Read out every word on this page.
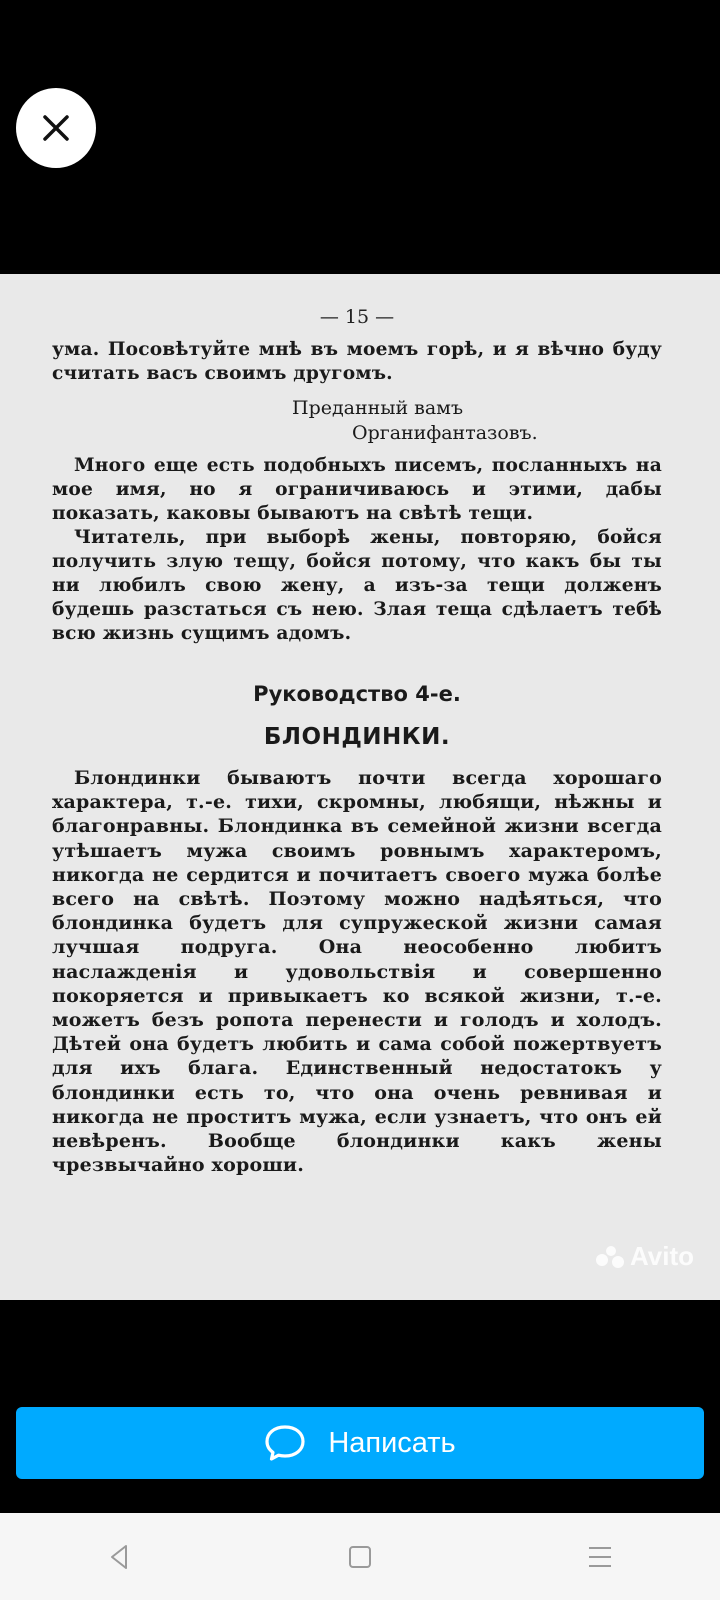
— 15 —

ума. Посовѣтуйте мнѣ въ моемъ горѣ, и я вѣчно буду считать васъ своимъ другомъ.

Преданный вамъ
Органифантазовъ.

Много еще есть подобныхъ писемъ, посланныхъ на мое имя, но я ограничиваюсь и этими, дабы показать, каковы бываютъ на свѣтѣ тещи.

Читатель, при выборѣ жены, повторяю, бойся получить злую тещу, бойся потому, что какъ бы ты ни любилъ свою жену, а изъ-за тещи долженъ будешь разстаться съ нею. Злая теща сдѣлаетъ тебѣ всю жизнь сущимъ адомъ.

Руководство 4-е.
БЛОНДИНКИ.

Блондинки бываютъ почти всегда хорошаго характера, т.-е. тихи, скромны, любящи, нѣжны и благонравны. Блондинка въ семейной жизни всегда утѣшаетъ мужа своимъ ровнымъ характеромъ, никогда не сердится и почитаетъ своего мужа болѣе всего на свѣтѣ. Поэтому можно надѣяться, что блондинка будетъ для супружеской жизни самая лучшая подруга. Она неособенно любитъ наслажденія и удовольствія и совершенно покоряется и привыкаетъ ко всякой жизни, т.-е. можетъ безъ ропота перенести и голодъ и холодъ. Дѣтей она будетъ любить и сама собой пожертвуетъ для ихъ блага. Единственный недостатокъ у блондинки есть то, что она очень ревнивая и никогда не проститъ мужа, если узнаетъ, что онъ ей невѣренъ. Вообще блондинки какъ жены чрезвычайно хороши.

Avito
Написать
